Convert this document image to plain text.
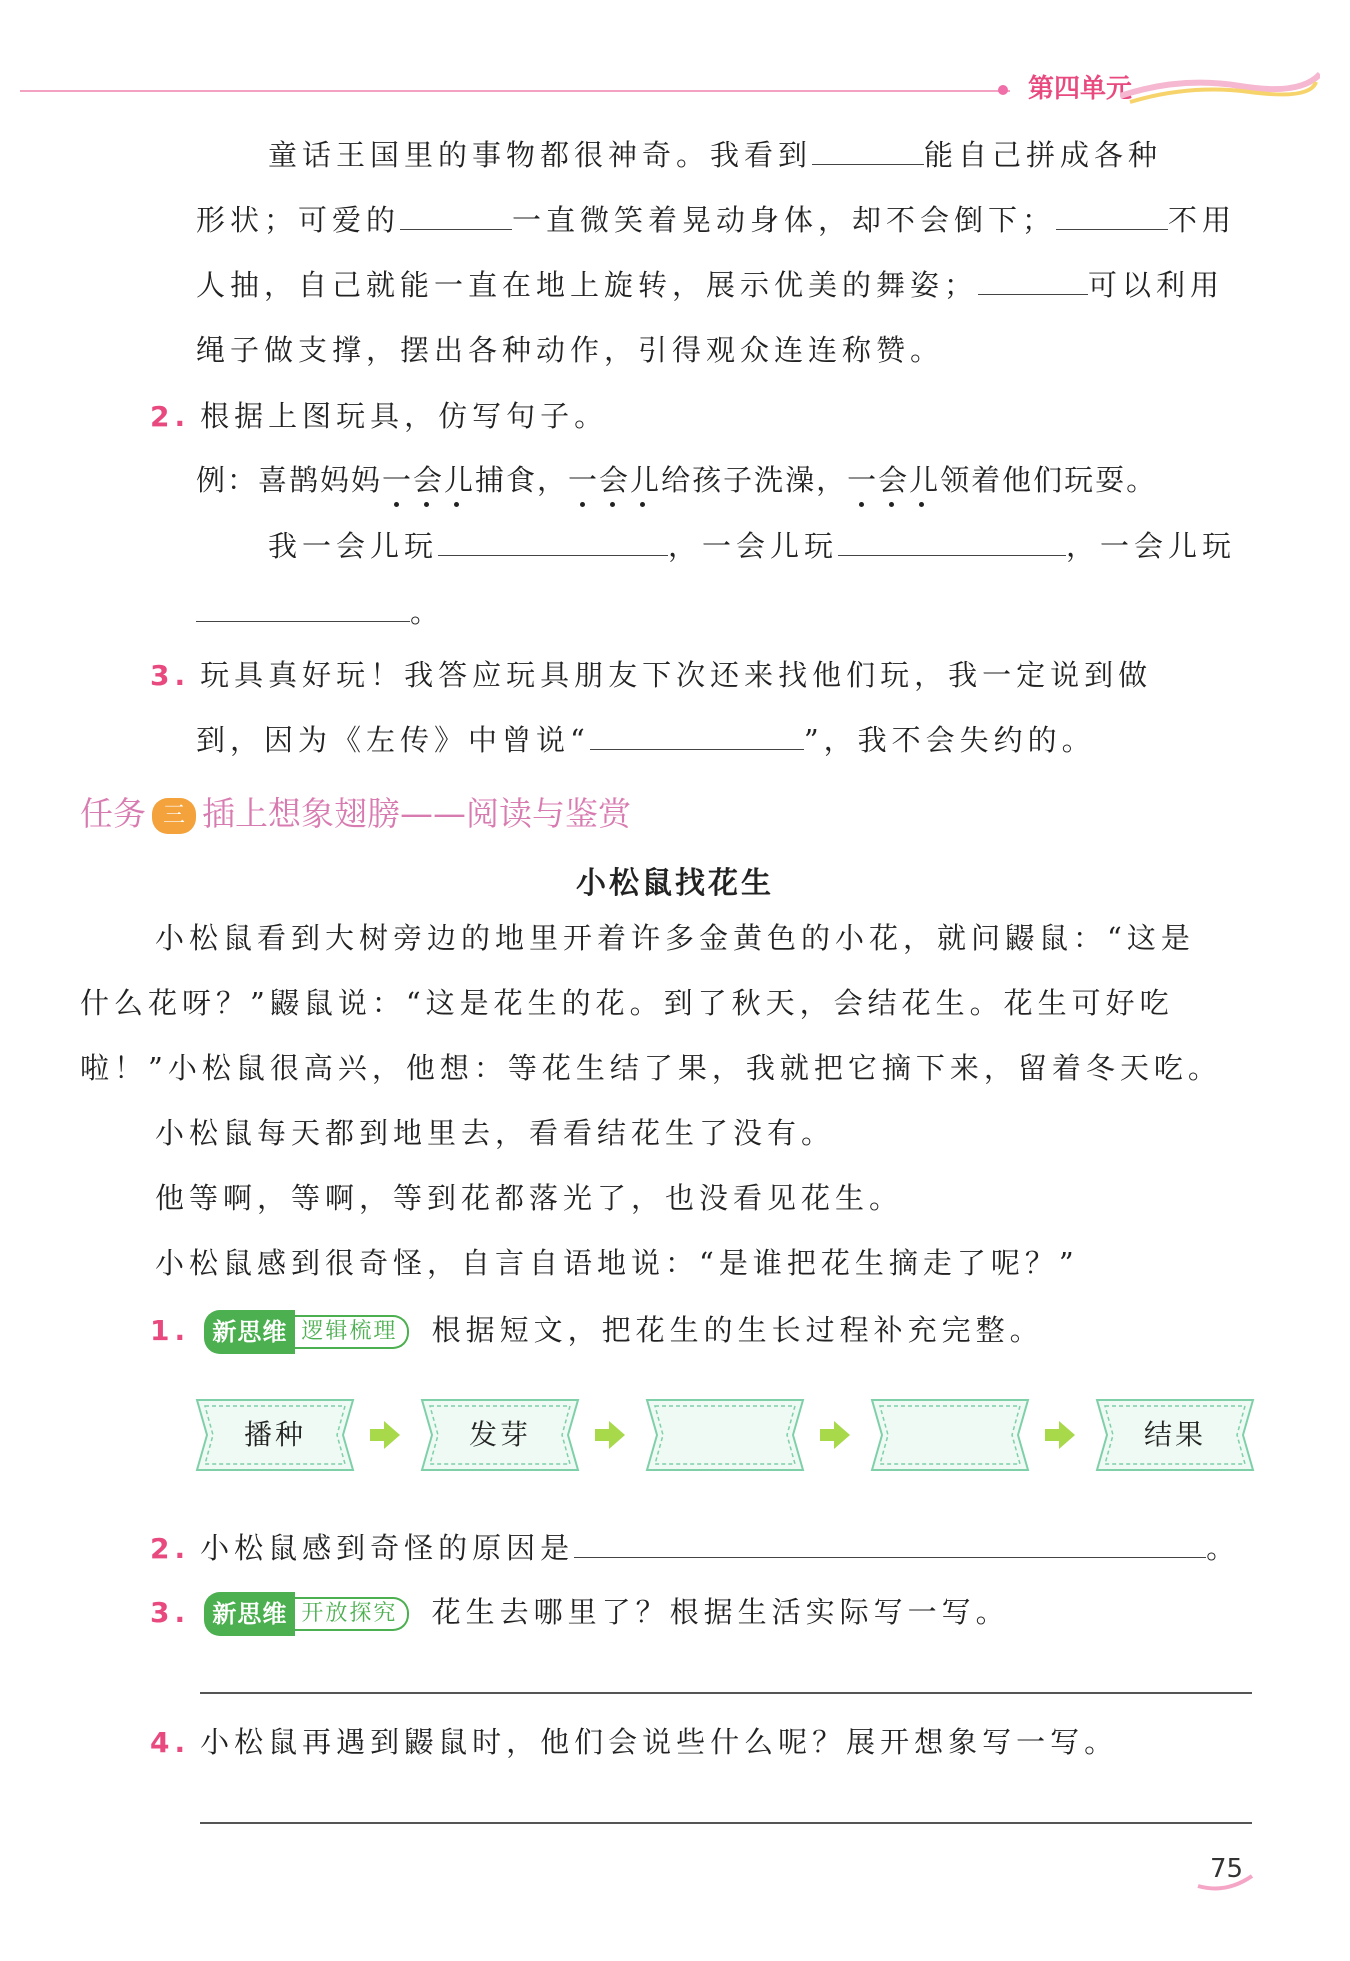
第四单元
童话王国里的事物都很神奇。我看到	能自己拼成各种
形状；可爱的	一直微笑着晃动身体，却不会倒下；	不用
人抽，自己就能一直在地上旋转，展示优美的舞姿；	可以利用
绳子做支撑，摆出各种动作，引得观众连连称赞。
2. 根据上图玩具，仿写句子。
例：喜鹊妈妈一会儿
捕食，一会儿
给孩子洗澡，一会儿
领着他们玩耍。
我一会儿玩	，一会儿玩	，一会儿玩
。
3. 玩具真好玩！我答应玩具朋友下次还来找他们玩，我一定说到做
到，因为《左传》中曾说“	”，我不会失约的。
任务 三 插上想象翅膀——阅读与鉴赏
小松鼠找花生
小松鼠看到大树旁边的地里开着许多金黄色的小花，就问鼹鼠：“这是
什么花呀？”鼹鼠说：“这是花生的花。到了秋天，会结花生。花生可好吃
啦！”小松鼠很高兴，他想：等花生结了果，我就把它摘下来，留着冬天吃。
小松鼠每天都到地里去，看看结花生了没有。
他等啊，等啊，等到花都落光了，也没看见花生。
小松鼠感到很奇怪，自言自语地说：“是谁把花生摘走了呢？”
1. 新思维 逻辑梳理 根据短文，把花生的生长过程补充完整。
播种	发芽	结果
2. 小松鼠感到奇怪的原因是	。
3. 新思维 开放探究 花生去哪里了？根据生活实际写一写。
4. 小松鼠再遇到鼹鼠时，他们会说些什么呢？展开想象写一写。
75
